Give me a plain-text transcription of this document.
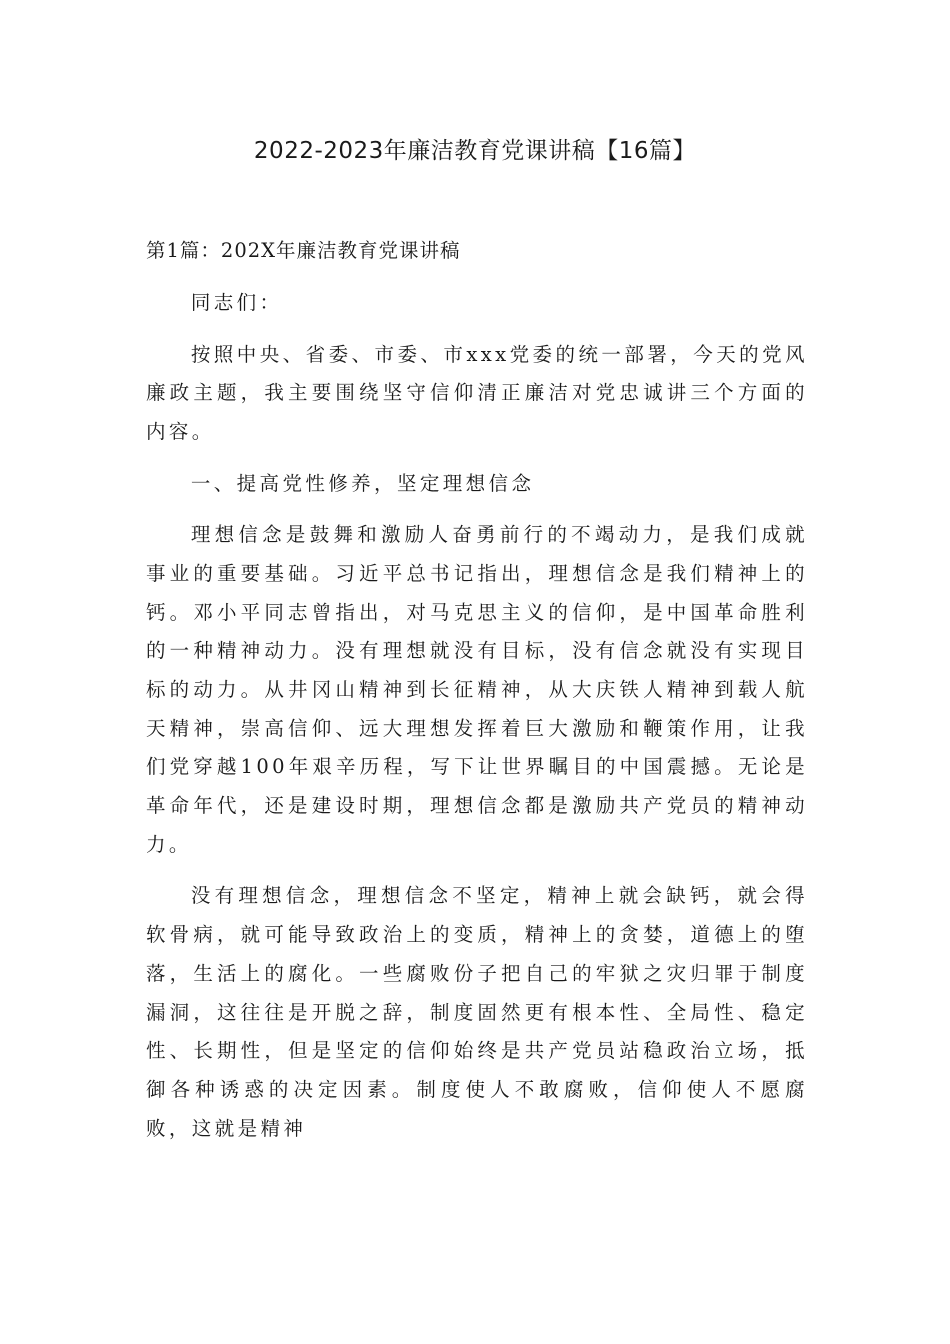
2022-2023年廉洁教育党课讲稿【16篇】
第1篇：202X年廉洁教育党课讲稿

同志们：

按照中央、省委、市委、市xxx党委的统一部署，今天的党风廉政主题，我主要围绕坚守信仰清正廉洁对党忠诚讲三个方面的内容。

一、提高党性修养，坚定理想信念

理想信念是鼓舞和激励人奋勇前行的不竭动力，是我们成就事业的重要基础。习近平总书记指出，理想信念是我们精神上的钙。邓小平同志曾指出，对马克思主义的信仰，是中国革命胜利的一种精神动力。没有理想就没有目标，没有信念就没有实现目标的动力。从井冈山精神到长征精神，从大庆铁人精神到载人航天精神，崇高信仰、远大理想发挥着巨大激励和鞭策作用，让我们党穿越100年艰辛历程，写下让世界瞩目的中国震撼。无论是革命年代，还是建设时期，理想信念都是激励共产党员的精神动力。

没有理想信念，理想信念不坚定，精神上就会缺钙，就会得软骨病，就可能导致政治上的变质，精神上的贪婪，道德上的堕落，生活上的腐化。一些腐败份子把自己的牢狱之灾归罪于制度漏洞，这往往是开脱之辞，制度固然更有根本性、全局性、稳定性、长期性，但是坚定的信仰始终是共产党员站稳政治立场，抵御各种诱惑的决定因素。制度使人不敢腐败，信仰使人不愿腐败，这就是精神
